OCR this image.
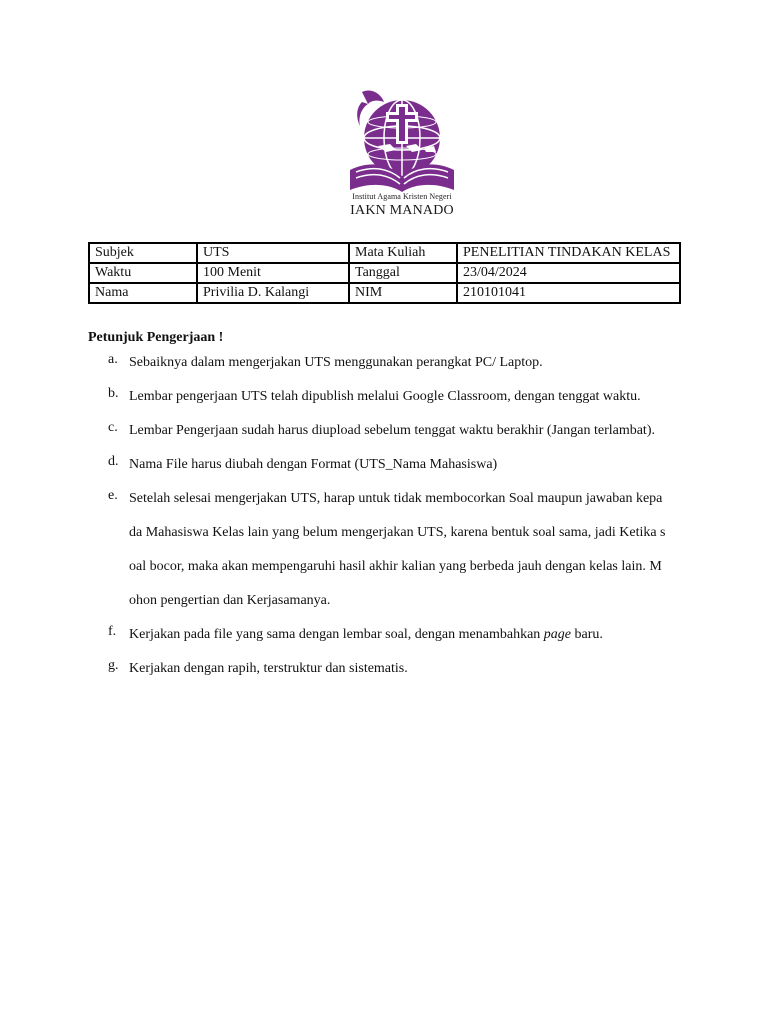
Institut Agama Kristen Negeri
IAKN MANADO
Subjek	UTS	Mata Kuliah	PENELITIAN TINDAKAN KELAS
Waktu	100 Menit	Tanggal	23/04/2024
Nama	Privilia D. Kalangi	NIM	210101041
Petunjuk Pengerjaan !
a. Sebaiknya dalam mengerjakan UTS menggunakan perangkat PC/ Laptop.
b. Lembar pengerjaan UTS telah dipublish melalui Google Classroom, dengan tenggat waktu.
c. Lembar Pengerjaan sudah harus diupload sebelum tenggat waktu berakhir (Jangan terlambat).
d. Nama File harus diubah dengan Format (UTS_Nama Mahasiswa)
e. Setelah selesai mengerjakan UTS, harap untuk tidak membocorkan Soal maupun jawaban kepa
da Mahasiswa Kelas lain yang belum mengerjakan UTS, karena bentuk soal sama, jadi Ketika s
oal bocor, maka akan mempengaruhi hasil akhir kalian yang berbeda jauh dengan kelas lain. M
ohon pengertian dan Kerjasamanya.
f. Kerjakan pada file yang sama dengan lembar soal, dengan menambahkan page baru.
g. Kerjakan dengan rapih, terstruktur dan sistematis.
